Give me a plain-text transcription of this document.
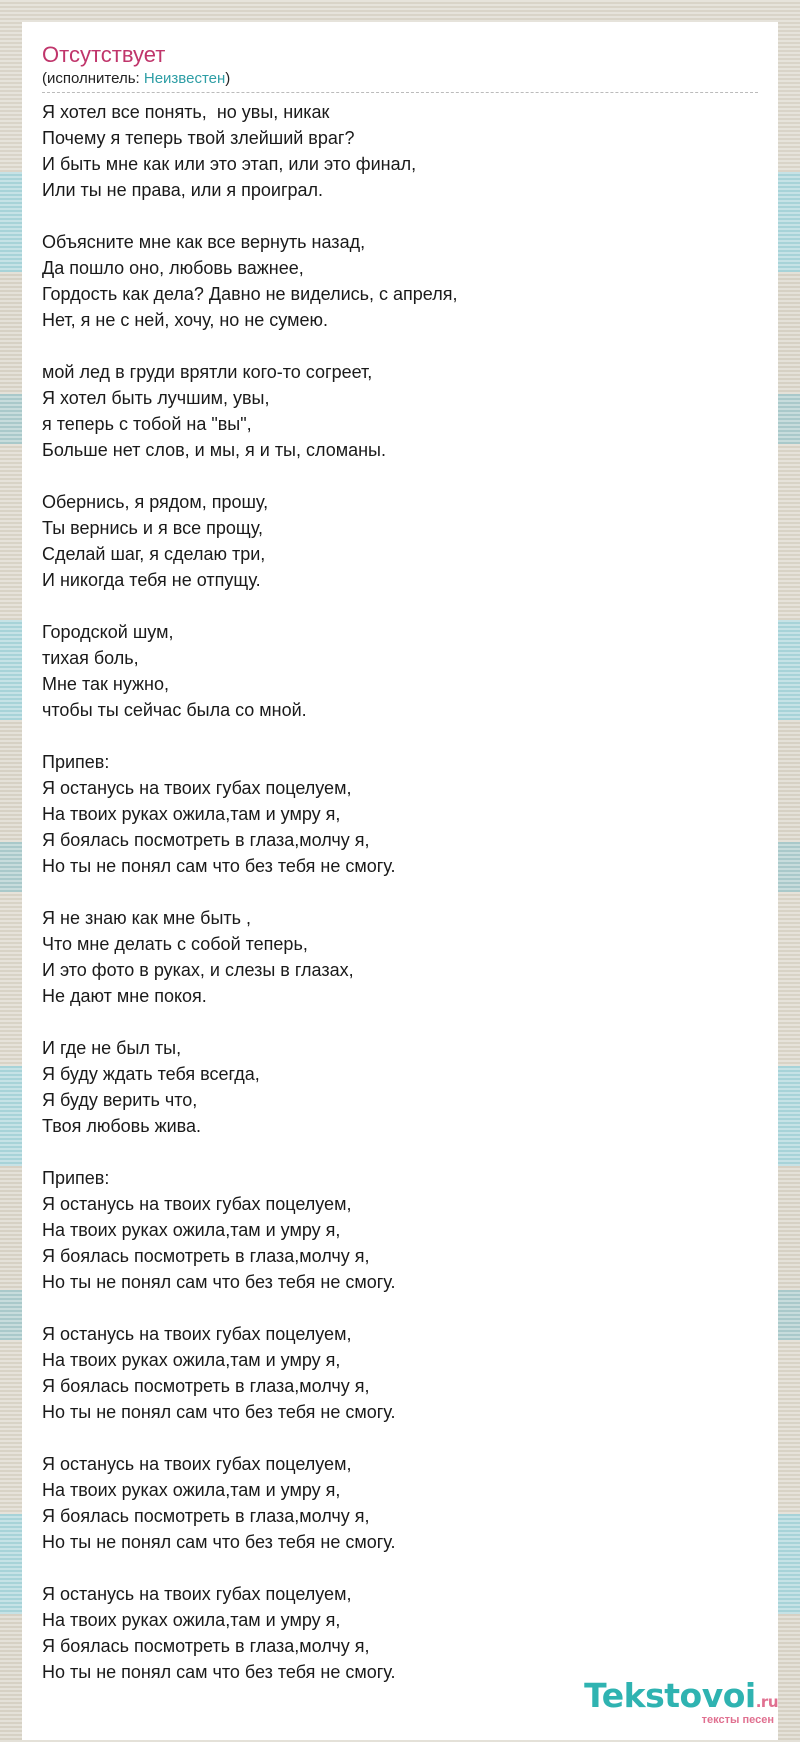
Отсутствует
(исполнитель: Неизвестен)
Я хотел все понять,  но увы, никак
Почему я теперь твой злейший враг?
И быть мне как или это этап, или это финал,
Или ты не права, или я проиграл.
Объясните мне как все вернуть назад,
Да пошло оно, любовь важнее,
Гордость как дела? Давно не виделись, с апреля,
Нет, я не с ней, хочу, но не сумею.
мой лед в груди врятли кого-то согреет,
Я хотел быть лучшим, увы,
я теперь с тобой на "вы",
Больше нет слов, и мы, я и ты, сломаны.
Обернись, я рядом, прошу,
Ты вернись и я все прощу,
Сделай шаг, я сделаю три,
И никогда тебя не отпущу.
Городской шум,
тихая боль,
Мне так нужно,
чтобы ты сейчас была со мной.
Припев:
Я останусь на твоих губах поцелуем,
На твоих руках ожила,там и умру я,
Я боялась посмотреть в глаза,молчу я,
Но ты не понял сам что без тебя не смогу.
Я не знаю как мне быть ,
Что мне делать с собой теперь,
И это фото в руках, и слезы в глазах,
Не дают мне покоя.
И где не был ты,
Я буду ждать тебя всегда,
Я буду верить что,
Твоя любовь жива.
Припев:
Я останусь на твоих губах поцелуем,
На твоих руках ожила,там и умру я,
Я боялась посмотреть в глаза,молчу я,
Но ты не понял сам что без тебя не смогу.
Я останусь на твоих губах поцелуем,
На твоих руках ожила,там и умру я,
Я боялась посмотреть в глаза,молчу я,
Но ты не понял сам что без тебя не смогу.
Я останусь на твоих губах поцелуем,
На твоих руках ожила,там и умру я,
Я боялась посмотреть в глаза,молчу я,
Но ты не понял сам что без тебя не смогу.
Я останусь на твоих губах поцелуем,
На твоих руках ожила,там и умру я,
Я боялась посмотреть в глаза,молчу я,
Но ты не понял сам что без тебя не смогу.
Tekstovoi.ru
тексты песен
